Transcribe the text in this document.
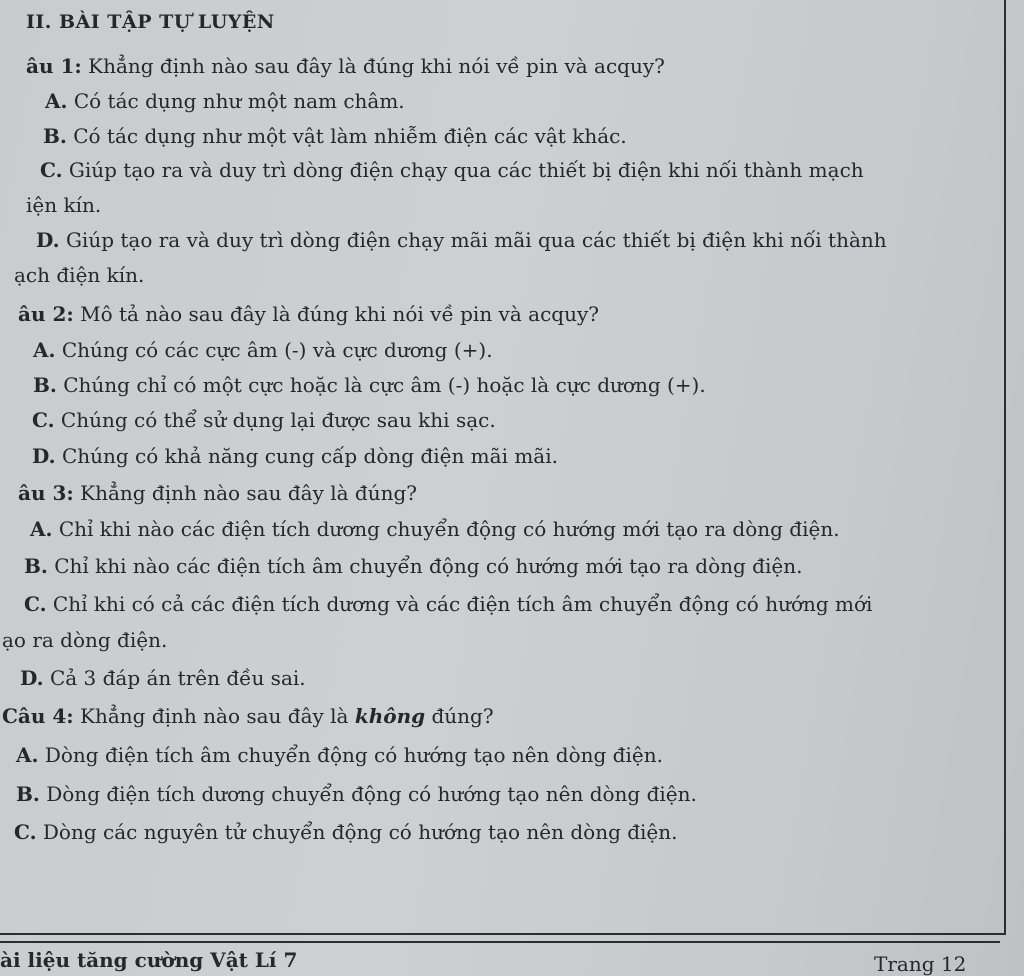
II. BÀI TẬP TỰ LUYỆN
âu 1: Khẳng định nào sau đây là đúng khi nói về pin và acquy?
A. Có tác dụng như một nam châm.
B. Có tác dụng như một vật làm nhiễm điện các vật khác.
C. Giúp tạo ra và duy trì dòng điện chạy qua các thiết bị điện khi nối thành mạch
iện kín.
D. Giúp tạo ra và duy trì dòng điện chạy mãi mãi qua các thiết bị điện khi nối thành
ạch điện kín.
âu 2: Mô tả nào sau đây là đúng khi nói về pin và acquy?
A. Chúng có các cực âm (-) và cực dương (+).
B. Chúng chỉ có một cực hoặc là cực âm (-) hoặc là cực dương (+).
C. Chúng có thể sử dụng lại được sau khi sạc.
D. Chúng có khả năng cung cấp dòng điện mãi mãi.
âu 3: Khẳng định nào sau đây là đúng?
A. Chỉ khi nào các điện tích dương chuyển động có hướng mới tạo ra dòng điện.
B. Chỉ khi nào các điện tích âm chuyển động có hướng mới tạo ra dòng điện.
C. Chỉ khi có cả các điện tích dương và các điện tích âm chuyển động có hướng mới
ạo ra dòng điện.
D. Cả 3 đáp án trên đều sai.
Câu 4: Khẳng định nào sau đây là không đúng?
A. Dòng điện tích âm chuyển động có hướng tạo nên dòng điện.
B. Dòng điện tích dương chuyển động có hướng tạo nên dòng điện.
C. Dòng các nguyên tử chuyển động có hướng tạo nên dòng điện.
ài liệu tăng cường Vật Lí 7	Trang 12
